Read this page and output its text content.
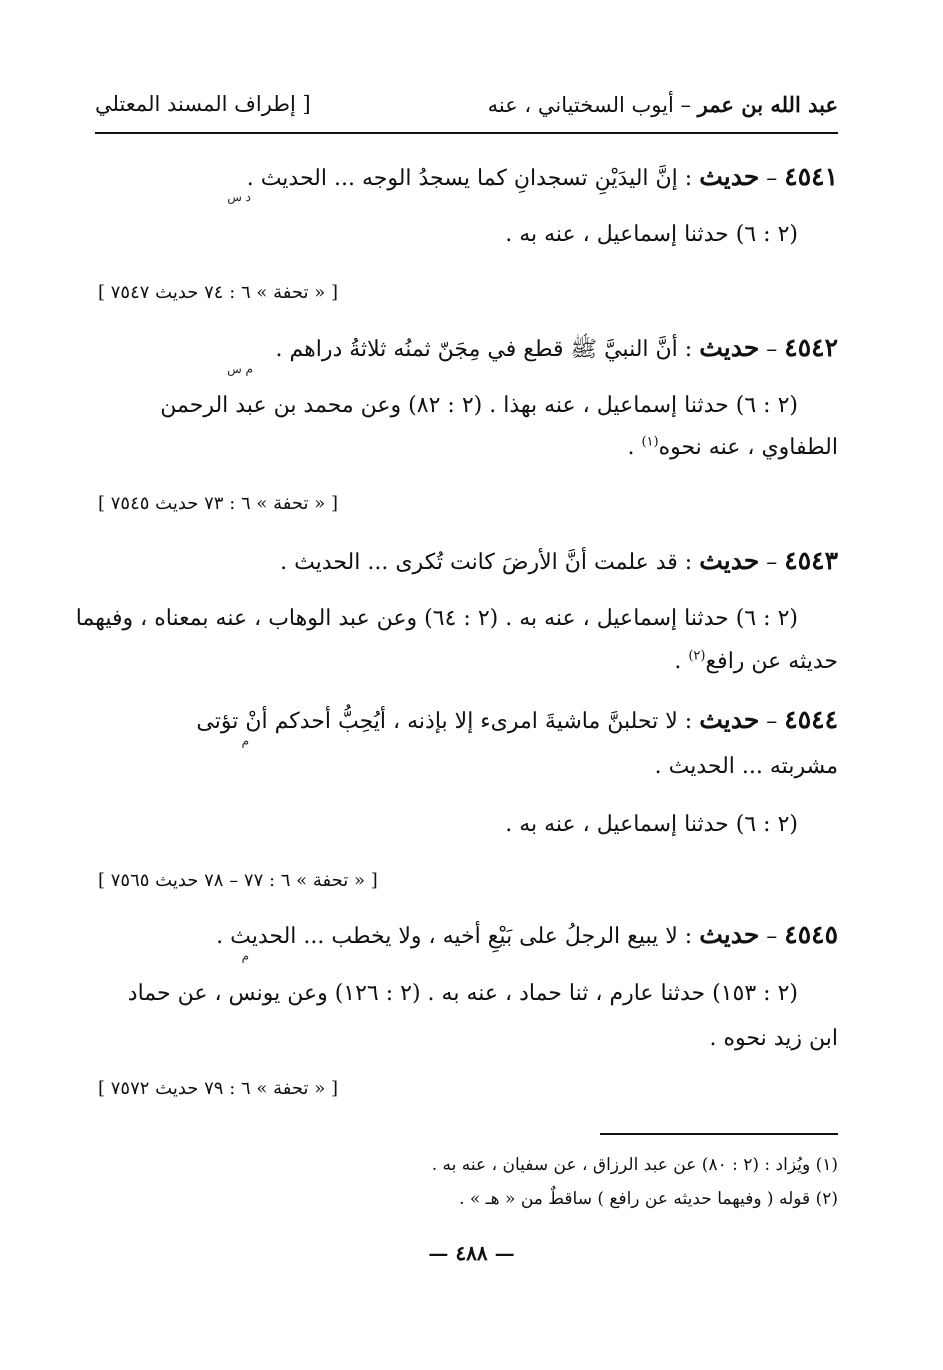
عبد الله بن عمر – أيوب السختياني ، عنه
[ إطراف المسند المعتلي
٤٥٤١ – حديث : إنَّ اليدَيْنِ تسجدانِ كما يسجدُ الوجه ... الحديث .
د س
(٢ : ٦) حدثنا إسماعيل ، عنه به .
[ « تحفة » ٦ : ٧٤ حديث ٧٥٤٧ ]
٤٥٤٢ – حديث : أنَّ النبيَّ ﷺ قطع في مِجَنّ ثمنُه ثلاثةُ دراهم .
م س
(٢ : ٦) حدثنا إسماعيل ، عنه بهذا . (٢ : ٨٢) وعن محمد بن عبد الرحمن
الطفاوي ، عنه نحوه$^{(١)}$ .
[ « تحفة » ٦ : ٧٣ حديث ٧٥٤٥ ]
٤٥٤٣ – حديث : قد علمت أنَّ الأرضَ كانت تُكرى ... الحديث .
(٢ : ٦) حدثنا إسماعيل ، عنه به . (٢ : ٦٤) وعن عبد الوهاب ، عنه بمعناه ، وفيهما
حديثه عن رافع$^{(٢)}$ .
٤٥٤٤ – حديث : لا تحلبنَّ ماشيةَ امرىء إلا بإذنه ، أيُحِبُّ أحدكم أنْ تؤتى
م
مشربته ... الحديث .
(٢ : ٦) حدثنا إسماعيل ، عنه به .
[ « تحفة » ٦ : ٧٧ – ٧٨ حديث ٧٥٦٥ ]
٤٥٤٥ – حديث : لا يبيع الرجلُ على بَيْعِ أخيه ، ولا يخطب ... الحديث .
م
(٢ : ١٥٣) حدثنا عارم ، ثنا حماد ، عنه به . (٢ : ١٢٦) وعن يونس ، عن حماد
ابن زيد نحوه .
[ « تحفة » ٦ : ٧٩ حديث ٧٥٧٢ ]
(١) ويُزاد : (٢ : ٨٠) عن عبد الرزاق ، عن سفيان ، عنه به .
(٢) قوله ( وفيهما حديثه عن رافع ) ساقطٌ من « هـ » .
— ٤٨٨ —
